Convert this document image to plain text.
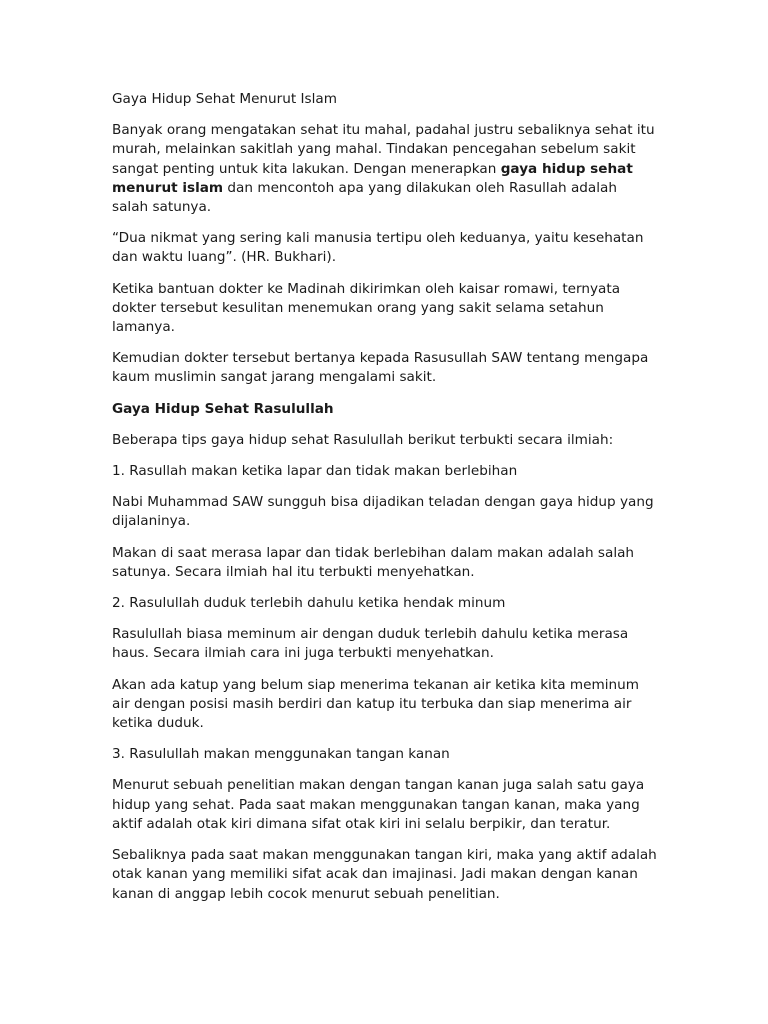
Gaya Hidup Sehat Menurut Islam

Banyak orang mengatakan sehat itu mahal, padahal justru sebaliknya sehat itu murah, melainkan sakitlah yang mahal. Tindakan pencegahan sebelum sakit sangat penting untuk kita lakukan. Dengan menerapkan gaya hidup sehat menurut islam dan mencontoh apa yang dilakukan oleh Rasullah adalah salah satunya.

“Dua nikmat yang sering kali manusia tertipu oleh keduanya, yaitu kesehatan dan waktu luang”. (HR. Bukhari).

Ketika bantuan dokter ke Madinah dikirimkan oleh kaisar romawi, ternyata dokter tersebut kesulitan menemukan orang yang sakit selama setahun lamanya.

Kemudian dokter tersebut bertanya kepada Rasusullah SAW tentang mengapa kaum muslimin sangat jarang mengalami sakit.

Gaya Hidup Sehat Rasulullah

Beberapa tips gaya hidup sehat Rasulullah berikut terbukti secara ilmiah:

1. Rasullah makan ketika lapar dan tidak makan berlebihan

Nabi Muhammad SAW sungguh bisa dijadikan teladan dengan gaya hidup yang dijalaninya.

Makan di saat merasa lapar dan tidak berlebihan dalam makan adalah salah satunya. Secara ilmiah hal itu terbukti menyehatkan.

2. Rasulullah duduk terlebih dahulu ketika hendak minum

Rasulullah biasa meminum air dengan duduk terlebih dahulu ketika merasa haus. Secara ilmiah cara ini juga terbukti menyehatkan.

Akan ada katup yang belum siap menerima tekanan air ketika kita meminum air dengan posisi masih berdiri dan katup itu terbuka dan siap menerima air ketika duduk.

3. Rasulullah makan menggunakan tangan kanan

Menurut sebuah penelitian makan dengan tangan kanan juga salah satu gaya hidup yang sehat. Pada saat makan menggunakan tangan kanan, maka yang aktif adalah otak kiri dimana sifat otak kiri ini selalu berpikir, dan teratur.

Sebaliknya pada saat makan menggunakan tangan kiri, maka yang aktif adalah otak kanan yang memiliki sifat acak dan imajinasi. Jadi makan dengan kanan kanan di anggap lebih cocok menurut sebuah penelitian.
